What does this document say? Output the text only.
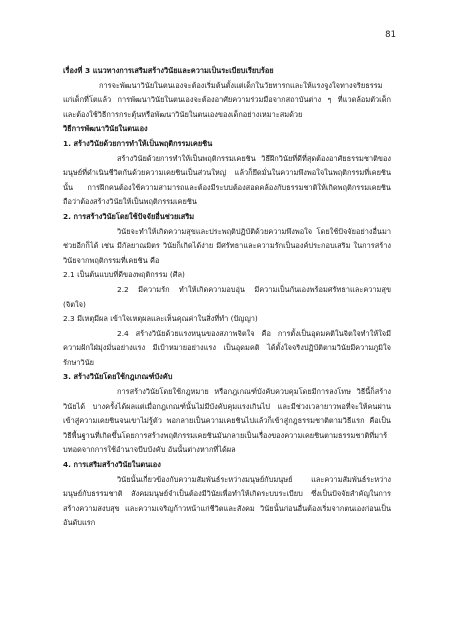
81

เรื่องที่ 3 แนวทางการเสริมสร้างวินัยและความเป็นระเบียบเรียบร้อย

การจะพัฒนาวินัยในตนเองจะต้องเริ่มต้นตั้งแต่เด็กในวัยทารกและให้แรงจูงใจทางจริยธรรมแก่เด็กที่โตแล้ว การพัฒนาวินัยในตนเองจะต้องอาศัยความร่วมมือจากสถาบันต่าง ๆ ที่แวดล้อมตัวเด็กและต้องใช้วิธีการกระตุ้นหรือพัฒนาวินัยในตนเองของเด็กอย่างเหมาะสมด้วย

วิธีการพัฒนาวินัยในตนเอง

1. สร้างวินัยด้วยการทำให้เป็นพฤติกรรมเคยชิน

สร้างวินัยด้วยการทำให้เป็นพฤติกรรมเคยชิน วิธีฝึกวินัยที่ดีที่สุดต้องอาศัยธรรมชาติของมนุษย์ที่ดำเนินชีวิตกันด้วยความเคยชินเป็นส่วนใหญ่ แล้วก็ยึดมั่นในความพึงพอใจในพฤติกรรมที่เคยชินนั้น การฝึกคนต้องใช้ความสามารถและต้องมีระบบต้องสอดคล้องกับธรรมชาติให้เกิดพฤติกรรมเคยชิน ถือว่าต้องสร้างวินัยให้เป็นพฤติกรรมเคยชิน

2. การสร้างวินัยโดยใช้ปัจจัยอื่นช่วยเสริม

วินัยจะทำให้เกิดความสุขและประพฤติปฏิบัติด้วยความพึงพอใจ โดยใช้ปัจจัยอย่างอื่นมาช่วยอีกก็ได้ เช่น มีกัลยาณมิตร วินัยก็เกิดได้ง่าย มีศรัทธาและความรักเป็นองค์ประกอบเสริม ในการสร้างวินัยจากพฤติกรรมที่เคยชิน คือ

2.1 เป็นต้นแบบที่ดีของพฤติกรรม (ศีล)

2.2 มีความรัก ทำให้เกิดความอบอุ่น มีความเป็นกันเองพร้อมศรัทธาและความสุข (จิตใจ)

2.3 มีเหตุมีผล เข้าใจเหตุผลและเห็นคุณค่าในสิ่งที่ทำ (ปัญญา)

2.4 สร้างวินัยด้วยแรงหนุนของสภาพจิตใจ คือ การตั้งเป็นอุดมคติในจิตใจทำให้ใจมีความฝักใฝ่มุ่งมั่นอย่างแรง มีเป้าหมายอย่างแรง เป็นอุดมคติ ได้ตั้งใจจริงปฏิบัติตามวินัยมีความภูมิใจรักษาวินัย

3. สร้างวินัยโดยใช้กฎเกณฑ์บังคับ

การสร้างวินัยโดยใช้กฎหมาย หรือกฎเกณฑ์บังคับควบคุมโดยมีการลงโทษ วิธีนี้ก็สร้างวินัยได้ บางครั้งได้ผลแต่เมื่อกฎเกณฑ์นั้นไม่มีบังคับคุมแรงเกินไป และมีช่วงเวลายาวพอที่จะให้คนผ่านเข้าสู่ความเคยชินจนเขาไม่รู้ตัว พอกลายเป็นความเคยชินไปแล้วก็เข้าสู่กฎธรรมชาติตามวิธีแรก คือเป็นวิธีพื้นฐานที่เกิดขึ้นโดยการสร้างพฤติกรรมเคยชินมันกลายเป็นเรื่องของความเคยชินตามธรรมชาติที่มาร้บทอดจากการใช้อำนาจบีบบังคับ อันนั้นต่างหากที่ได้ผล

4. การเสริมสร้างวินัยในตนเอง

วินัยนั้นเกี่ยวข้องกับความสัมพันธ์ระหว่างมนุษย์กับมนุษย์ และความสัมพันธ์ระหว่างมนุษย์กับธรรมชาติ สังคมมนุษย์จำเป็นต้องมีวินัยเพื่อทำให้เกิดระบบระเบียบ ซึ่งเป็นปัจจัยสำคัญในการสร้างความสงบสุข และความเจริญก้าวหน้าแก่ชีวิตและสังคม วินัยนั้นก่อนอื่นต้องเริ่มจากตนเองก่อนเป็นอันดับแรก
